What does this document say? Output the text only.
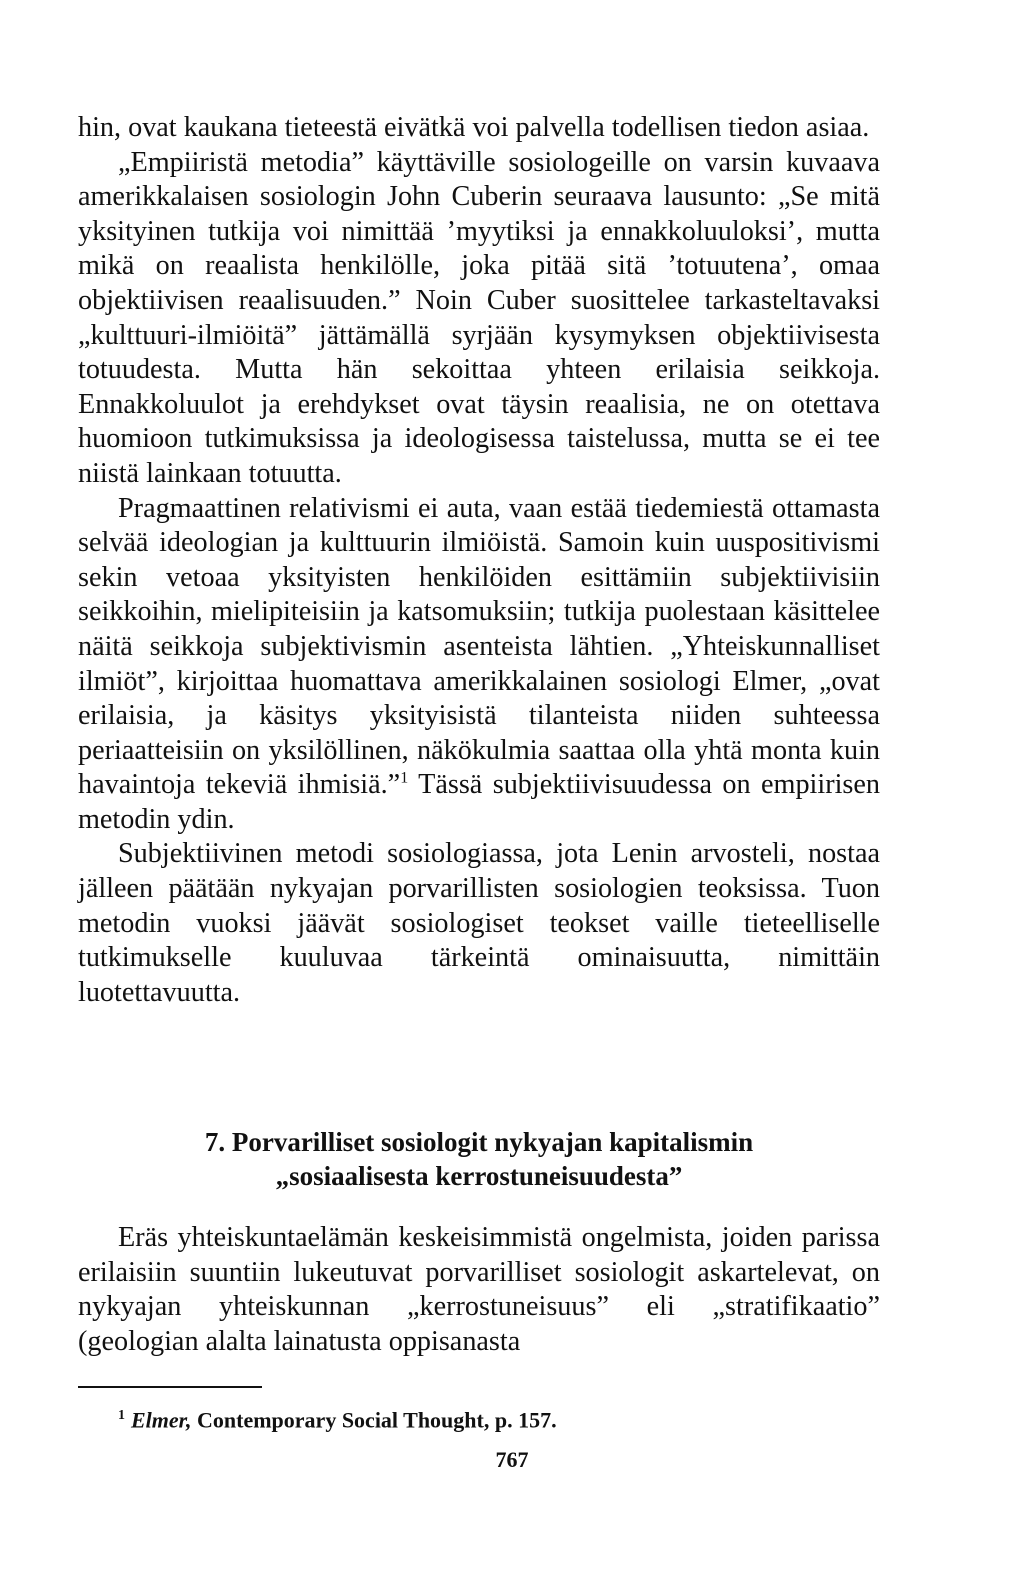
hin, ovat kaukana tieteestä eivätkä voi palvella todellisen tiedon asiaa.

„Empiiristä metodia” käyttäville sosiologeille on varsin kuvaava amerikkalaisen sosiologin John Cuberin seuraava lausunto: „Se mitä yksityinen tutkija voi nimittää ’myytiksi ja ennakkoluuloksi’, mutta mikä on reaalista henkilölle, joka pitää sitä ’totuutena’, omaa objektiivisen reaalisuuden.” Noin Cuber suosittelee tarkasteltavaksi „kulttuuri-ilmiöitä” jättämällä syrjään kysymyksen objektiivisesta totuudesta. Mutta hän sekoittaa yhteen erilaisia seikkoja. Ennakkoluulot ja erehdykset ovat täysin reaalisia, ne on otettava huomioon tutkimuksissa ja ideologisessa taistelussa, mutta se ei tee niistä lainkaan totuutta.

Pragmaattinen relativismi ei auta, vaan estää tiedemiestä ottamasta selvää ideologian ja kulttuurin ilmiöistä. Samoin kuin uuspositivismi sekin vetoaa yksityisten henkilöiden esittämiin subjektiivisiin seikkoihin, mielipiteisiin ja katsomuksiin; tutkija puolestaan käsittelee näitä seikkoja subjektivismin asenteista lähtien. „Yhteiskunnalliset ilmiöt”, kirjoittaa huomattava amerikkalainen sosiologi Elmer, „ovat erilaisia, ja käsitys yksityisistä tilanteista niiden suhteessa periaatteisiin on yksilöllinen, näkökulmia saattaa olla yhtä monta kuin havaintoja tekeviä ihmisiä.”$^1$ Tässä subjektiivisuudessa on empiirisen metodin ydin.

Subjektiivinen metodi sosiologiassa, jota Lenin arvosteli, nostaa jälleen päätään nykyajan porvarillisten sosiologien teoksissa. Tuon metodin vuoksi jäävät sosiologiset teokset vaille tieteelliselle tutkimukselle kuuluvaa tärkeintä ominaisuutta, nimittäin luotettavuutta.

7. Porvarilliset sosiologit nykyajan kapitalismin
„sosiaalisesta kerrostuneisuudesta”

Eräs yhteiskuntaelämän keskeisimmistä ongelmista, joiden parissa erilaisiin suuntiin lukeutuvat porvarilliset sosiologit askartelevat, on nykyajan yhteiskunnan „kerrostuneisuus” eli „stratifikaatio” (geologian alalta lainatusta oppisanasta

$^1$ Elmer, Contemporary Social Thought, p. 157.
767
